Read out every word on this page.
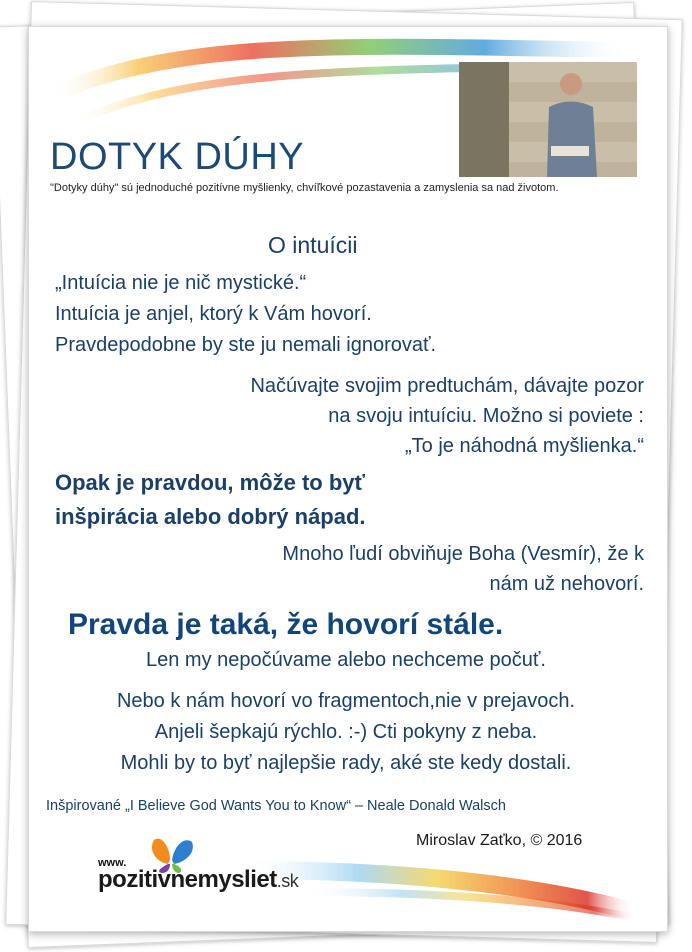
DOTYK DÚHY
"Dotyky dúhy" sú jednoduché pozitívne myšlienky, chvíľkové pozastavenia a zamyslenia sa nad životom.
O intuícii
„Intuícia nie je nič mystické.“
Intuícia je anjel, ktorý k Vám hovorí.
Pravdepodobne by ste ju nemali ignorovať.
Načúvajte svojim predtuchám, dávajte pozor
na svoju intuíciu. Možno si poviete :
„To je náhodná myšlienka.“
Opak je pravdou, môže to byť
inšpirácia alebo dobrý nápad.
Mnoho ľudí obviňuje Boha (Vesmír), že k
nám už nehovorí.
Pravda je taká, že hovorí stále.
Len my nepočúvame alebo nechceme počuť.
Nebo k nám hovorí vo fragmentoch,nie v prejavoch.
Anjeli šepkajú rýchlo. :-) Cti pokyny z neba.
Mohli by to byť najlepšie rady, aké ste kedy dostali.
Inšpirované „I Believe God Wants You to Know“ – Neale Donald Walsch
Miroslav Zaťko, © 2016
www.
pozitivnemysliet.sk
